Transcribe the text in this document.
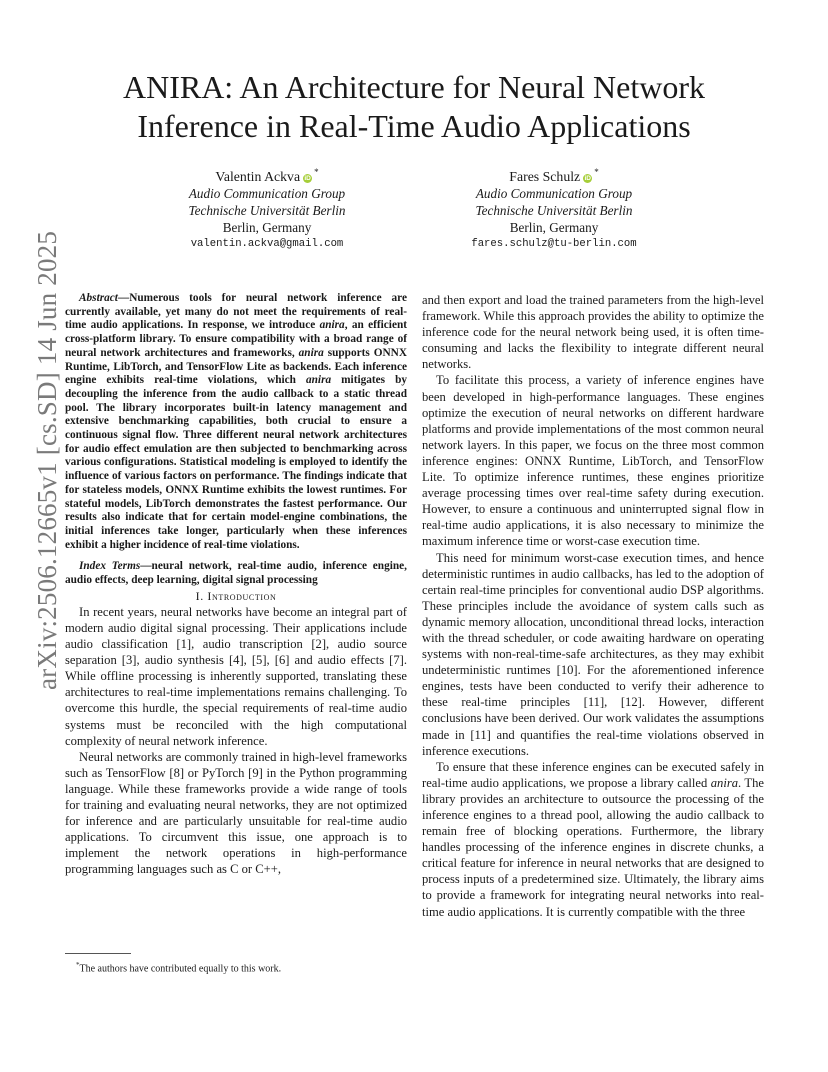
arXiv:2506.12665v1 [cs.SD] 14 Jun 2025
ANIRA: An Architecture for Neural Network
Inference in Real-Time Audio Applications
Valentin Ackva iD*
Audio Communication Group
Technische Universität Berlin
Berlin, Germany
valentin.ackva@gmail.com
Fares Schulz iD*
Audio Communication Group
Technische Universität Berlin
Berlin, Germany
fares.schulz@tu-berlin.com

Abstract—Numerous tools for neural network inference are currently available, yet many do not meet the requirements of real-time audio applications. In response, we introduce anira, an efficient cross-platform library. To ensure compatibility with a broad range of neural network architectures and frameworks, anira supports ONNX Runtime, LibTorch, and TensorFlow Lite as backends. Each inference engine exhibits real-time violations, which anira mitigates by decoupling the inference from the audio callback to a static thread pool. The library incorporates built-in latency management and extensive benchmarking capabilities, both crucial to ensure a continuous signal flow. Three different neural network architectures for audio effect emulation are then subjected to benchmarking across various configurations. Statistical modeling is employed to identify the influence of various factors on performance. The findings indicate that for stateless models, ONNX Runtime exhibits the lowest runtimes. For stateful models, LibTorch demonstrates the fastest performance. Our results also indicate that for certain model-engine combinations, the initial inferences take longer, particularly when these inferences exhibit a higher incidence of real-time violations.

Index Terms—neural network, real-time audio, inference engine, audio effects, deep learning, digital signal processing

I. Introduction

In recent years, neural networks have become an integral part of modern audio digital signal processing. Their applications include audio classification [1], audio transcription [2], audio source separation [3], audio synthesis [4], [5], [6] and audio effects [7]. While offline processing is inherently supported, translating these architectures to real-time implementations remains challenging. To overcome this hurdle, the special requirements of real-time audio systems must be reconciled with the high computational complexity of neural network inference.

Neural networks are commonly trained in high-level frameworks such as TensorFlow [8] or PyTorch [9] in the Python programming language. While these frameworks provide a wide range of tools for training and evaluating neural networks, they are not optimized for inference and are particularly unsuitable for real-time audio applications. To circumvent this issue, one approach is to implement the network operations in high-performance programming languages such as C or C++,

and then export and load the trained parameters from the high-level framework. While this approach provides the ability to optimize the inference code for the neural network being used, it is often time-consuming and lacks the flexibility to integrate different neural networks.

To facilitate this process, a variety of inference engines have been developed in high-performance languages. These engines optimize the execution of neural networks on different hardware platforms and provide implementations of the most common neural network layers. In this paper, we focus on the three most common inference engines: ONNX Runtime, LibTorch, and TensorFlow Lite. To optimize inference runtimes, these engines prioritize average processing times over real-time safety during execution. However, to ensure a continuous and uninterrupted signal flow in real-time audio applications, it is also necessary to minimize the maximum inference time or worst-case execution time.

This need for minimum worst-case execution times, and hence deterministic runtimes in audio callbacks, has led to the adoption of certain real-time principles for conventional audio DSP algorithms. These principles include the avoidance of system calls such as dynamic memory allocation, unconditional thread locks, interaction with the thread scheduler, or code awaiting hardware on operating systems with non-real-time-safe architectures, as they may exhibit undeterministic runtimes [10]. For the aforementioned inference engines, tests have been conducted to verify their adherence to these real-time principles [11], [12]. However, different conclusions have been derived. Our work validates the assumptions made in [11] and quantifies the real-time violations observed in inference executions.

To ensure that these inference engines can be executed safely in real-time audio applications, we propose a library called anira. The library provides an architecture to outsource the processing of the inference engines to a thread pool, allowing the audio callback to remain free of blocking operations. Furthermore, the library handles processing of the inference engines in discrete chunks, a critical feature for inference in neural networks that are designed to process inputs of a predetermined size. Ultimately, the library aims to provide a framework for integrating neural networks into real-time audio applications. It is currently compatible with the three

*The authors have contributed equally to this work.
